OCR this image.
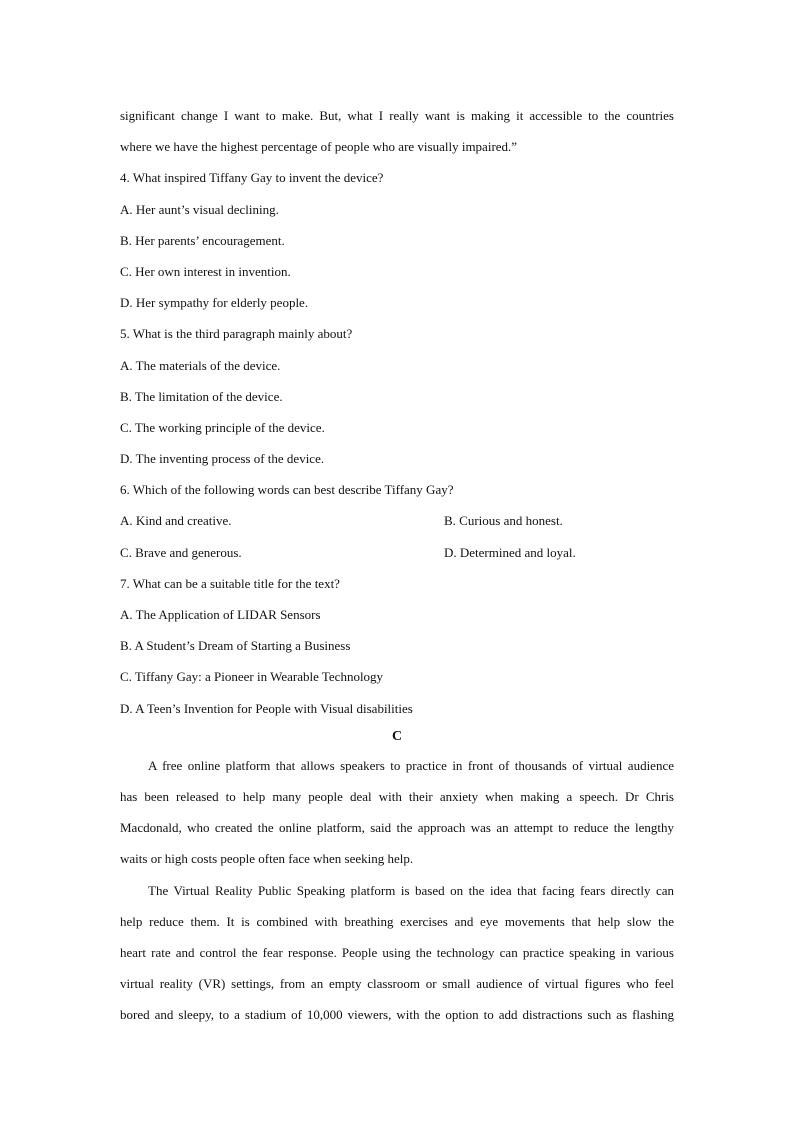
significant change I want to make. But, what I really want is making it accessible to the countries
where we have the highest percentage of people who are visually impaired.”
4. What inspired Tiffany Gay to invent the device?
A. Her aunt’s visual declining.
B. Her parents’ encouragement.
C. Her own interest in invention.
D. Her sympathy for elderly people.
5. What is the third paragraph mainly about?
A. The materials of the device.
B. The limitation of the device.
C. The working principle of the device.
D. The inventing process of the device.
6. Which of the following words can best describe Tiffany Gay?
A. Kind and creative.	B. Curious and honest.
C. Brave and generous.	D. Determined and loyal.
7. What can be a suitable title for the text?
A. The Application of LIDAR Sensors
B. A Student’s Dream of Starting a Business
C. Tiffany Gay: a Pioneer in Wearable Technology
D. A Teen’s Invention for People with Visual disabilities
C
A free online platform that allows speakers to practice in front of thousands of virtual audience
has been released to help many people deal with their anxiety when making a speech. Dr Chris
Macdonald, who created the online platform, said the approach was an attempt to reduce the lengthy
waits or high costs people often face when seeking help.
The Virtual Reality Public Speaking platform is based on the idea that facing fears directly can
help reduce them. It is combined with breathing exercises and eye movements that help slow the
heart rate and control the fear response. People using the technology can practice speaking in various
virtual reality (VR) settings, from an empty classroom or small audience of virtual figures who feel
bored and sleepy, to a stadium of 10,000 viewers, with the option to add distractions such as flashing
